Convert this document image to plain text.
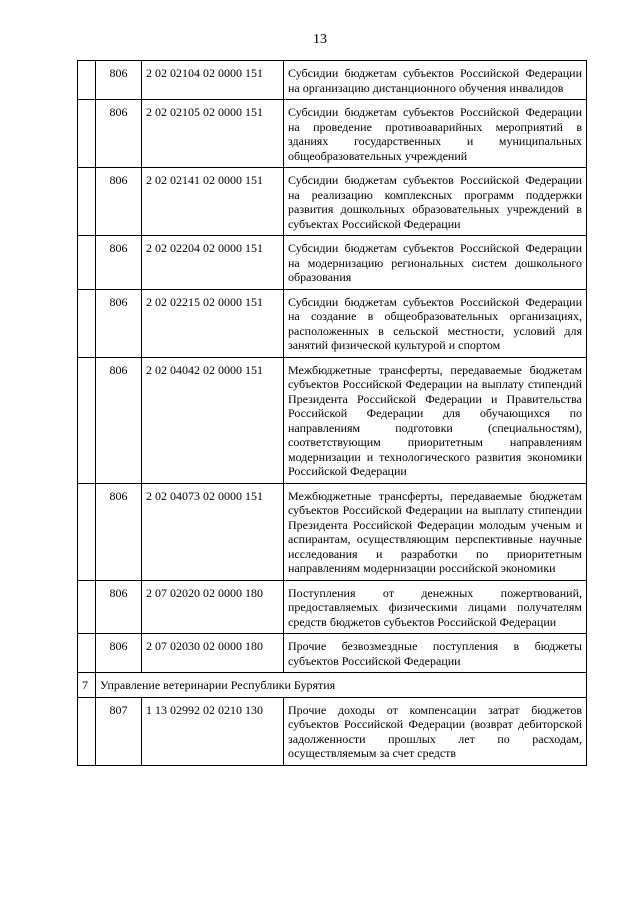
13
	806	2 02 02104 02 0000 151	Субсидии бюджетам субъектов Российской Федерации на организацию дистанционного обучения инвалидов
	806	2 02 02105 02 0000 151	Субсидии бюджетам субъектов Российской Федерации на проведение противоаварийных мероприятий в зданиях государственных и муниципальных общеобразовательных учреждений
	806	2 02 02141 02 0000 151	Субсидии бюджетам субъектов Российской Федерации на реализацию комплексных программ поддержки развития дошкольных образовательных учреждений в субъектах Российской Федерации
	806	2 02 02204 02 0000 151	Субсидии бюджетам субъектов Российской Федерации на модернизацию региональных систем дошкольного образования
	806	2 02 02215 02 0000 151	Субсидии бюджетам субъектов Российской Федерации на создание в общеобразовательных организациях, расположенных в сельской местности, условий для занятий физической культурой и спортом
	806	2 02 04042 02 0000 151	Межбюджетные трансферты, передаваемые бюджетам субъектов Российской Федерации на выплату стипендий Президента Российской Федерации и Правительства Российской Федерации для обучающихся по направлениям подготовки (специальностям), соответствующим приоритетным направлениям модернизации и технологического развития экономики Российской Федерации
	806	2 02 04073 02 0000 151	Межбюджетные трансферты, передаваемые бюджетам субъектов Российской Федерации на выплату стипендии Президента Российской Федерации молодым ученым и аспирантам, осуществляющим перспективные научные исследования и разработки по приоритетным направлениям модернизации российской экономики
	806	2 07 02020 02 0000 180	Поступления от денежных пожертвований, предоставляемых физическими лицами получателям средств бюджетов субъектов Российской Федерации
	806	2 07 02030 02 0000 180	Прочие безвозмездные поступления в бюджеты субъектов Российской Федерации
7	Управление ветеринарии Республики Бурятия		
	807	1 13 02992 02 0210 130	Прочие доходы от компенсации затрат бюджетов субъектов Российской Федерации (возврат дебиторской задолженности прошлых лет по расходам, осуществляемым за счет средств
